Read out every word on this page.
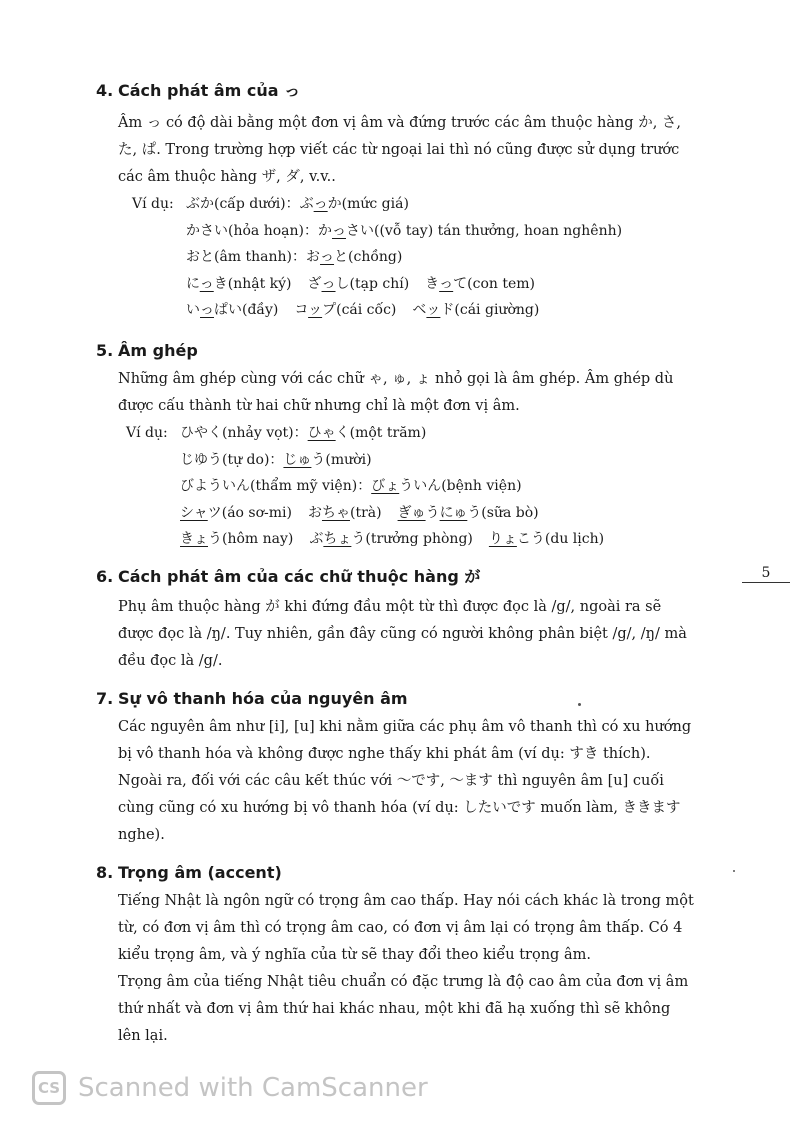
4. Cách phát âm của っ

Âm っ có độ dài bằng một đơn vị âm và đứng trước các âm thuộc hàng か, さ, た, ぱ. Trong trường hợp viết các từ ngoại lai thì nó cũng được sử dụng trước các âm thuộc hàng ザ, ダ, v.v..

Ví dụ: ぶか(cấp dưới)：ぶっか(mức giá)
かさい(hỏa hoạn)：かっさい((vỗ tay) tán thưởng, hoan nghênh)
おと(âm thanh)：おっと(chồng)
にっき(nhật ký) ざっし(tạp chí) きって(con tem)
いっぱい(đầy) コップ(cái cốc) ベッド(cái giường)
5. Âm ghép

Những âm ghép cùng với các chữ ゃ, ゅ, ょ nhỏ gọi là âm ghép. Âm ghép dù được cấu thành từ hai chữ nhưng chỉ là một đơn vị âm.

Ví dụ: ひやく(nhảy vọt)：ひゃく(một trăm)
じゆう(tự do)：じゅう(mười)
びよういん(thẩm mỹ viện)：びょういん(bệnh viện)
シャツ(áo sơ-mi) おちゃ(trà) ぎゅうにゅう(sữa bò)
きょう(hôm nay) ぶちょう(trưởng phòng) りょこう(du lịch)
6. Cách phát âm của các chữ thuộc hàng が

Phụ âm thuộc hàng が khi đứng đầu một từ thì được đọc là /g/, ngoài ra sẽ được đọc là /ŋ/. Tuy nhiên, gần đây cũng có người không phân biệt /g/, /ŋ/ mà đều đọc là /g/.

7. Sự vô thanh hóa của nguyên âm

Các nguyên âm như [i], [u] khi nằm giữa các phụ âm vô thanh thì có xu hướng bị vô thanh hóa và không được nghe thấy khi phát âm (ví dụ: すき thích). Ngoài ra, đối với các câu kết thúc với ～です, ～ます thì nguyên âm [u] cuối cùng cũng có xu hướng bị vô thanh hóa (ví dụ: したいです muốn làm, ききます nghe).

8. Trọng âm (accent)

Tiếng Nhật là ngôn ngữ có trọng âm cao thấp. Hay nói cách khác là trong một từ, có đơn vị âm thì có trọng âm cao, có đơn vị âm lại có trọng âm thấp. Có 4 kiểu trọng âm, và ý nghĩa của từ sẽ thay đổi theo kiểu trọng âm.

Trọng âm của tiếng Nhật tiêu chuẩn có đặc trưng là độ cao âm của đơn vị âm thứ nhất và đơn vị âm thứ hai khác nhau, một khi đã hạ xuống thì sẽ không lên lại.

5
CS Scanned with CamScanner
